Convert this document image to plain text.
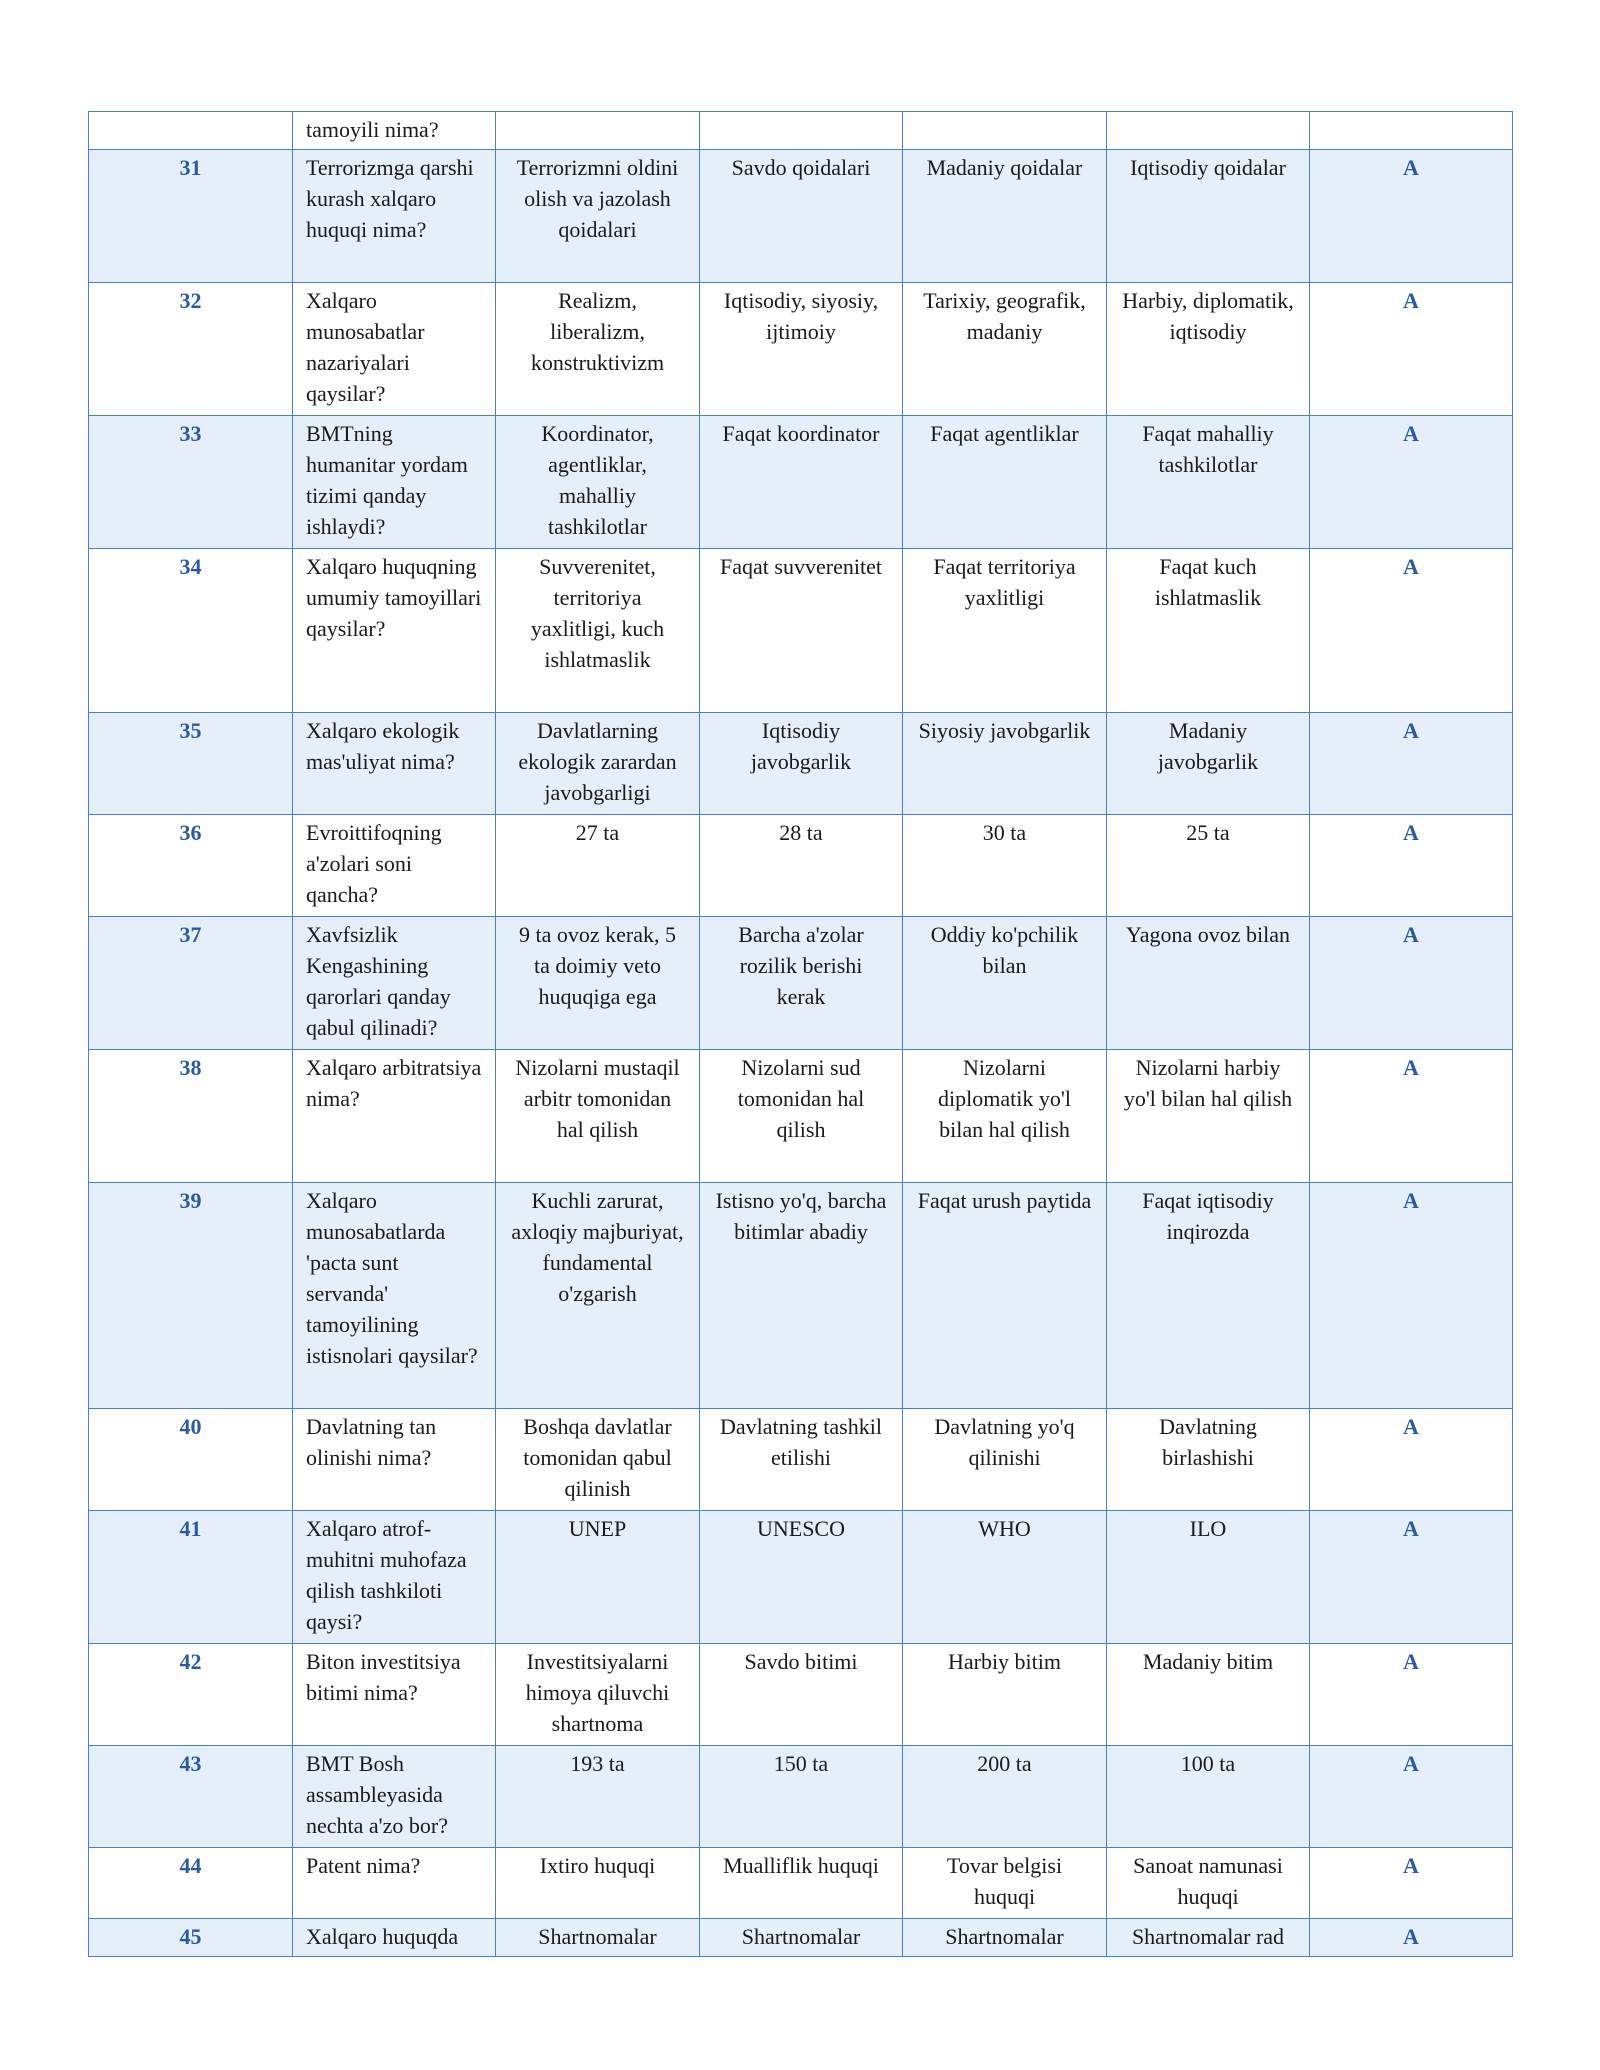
	tamoyili nima?					
31	Terrorizmga qarshi kurash xalqaro huquqi nima?	Terrorizmni oldini olish va jazolash qoidalari	Savdo qoidalari	Madaniy qoidalar	Iqtisodiy qoidalar	A
32	Xalqaro munosabatlar nazariyalari qaysilar?	Realizm, liberalizm, konstruktivizm	Iqtisodiy, siyosiy, ijtimoiy	Tarixiy, geografik, madaniy	Harbiy, diplomatik, iqtisodiy	A
33	BMTning humanitar yordam tizimi qanday ishlaydi?	Koordinator, agentliklar, mahalliy tashkilotlar	Faqat koordinator	Faqat agentliklar	Faqat mahalliy tashkilotlar	A
34	Xalqaro huquqning umumiy tamoyillari qaysilar?	Suvverenitet, territoriya yaxlitligi, kuch ishlatmaslik	Faqat suvverenitet	Faqat territoriya yaxlitligi	Faqat kuch ishlatmaslik	A
35	Xalqaro ekologik mas'uliyat nima?	Davlatlarning ekologik zarardan javobgarligi	Iqtisodiy javobgarlik	Siyosiy javobgarlik	Madaniy javobgarlik	A
36	Evroittifoqning a'zolari soni qancha?	27 ta	28 ta	30 ta	25 ta	A
37	Xavfsizlik Kengashining qarorlari qanday qabul qilinadi?	9 ta ovoz kerak, 5 ta doimiy veto huquqiga ega	Barcha a'zolar rozilik berishi kerak	Oddiy ko'pchilik bilan	Yagona ovoz bilan	A
38	Xalqaro arbitratsiya nima?	Nizolarni mustaqil arbitr tomonidan hal qilish	Nizolarni sud tomonidan hal qilish	Nizolarni diplomatik yo'l bilan hal qilish	Nizolarni harbiy yo'l bilan hal qilish	A
39	Xalqaro munosabatlarda 'pacta sunt servanda' tamoyilining istisnolari qaysilar?	Kuchli zarurat, axloqiy majburiyat, fundamental o'zgarish	Istisno yo'q, barcha bitimlar abadiy	Faqat urush paytida	Faqat iqtisodiy inqirozda	A
40	Davlatning tan olinishi nima?	Boshqa davlatlar tomonidan qabul qilinish	Davlatning tashkil etilishi	Davlatning yo'q qilinishi	Davlatning birlashishi	A
41	Xalqaro atrof-muhitni muhofaza qilish tashkiloti qaysi?	UNEP	UNESCO	WHO	ILO	A
42	Biton investitsiya bitimi nima?	Investitsiyalarni himoya qiluvchi shartnoma	Savdo bitimi	Harbiy bitim	Madaniy bitim	A
43	BMT Bosh assambleyasida nechta a'zo bor?	193 ta	150 ta	200 ta	100 ta	A
44	Patent nima?	Ixtiro huquqi	Mualliflik huquqi	Tovar belgisi huquqi	Sanoat namunasi huquqi	A
45	Xalqaro huquqda	Shartnomalar	Shartnomalar	Shartnomalar	Shartnomalar rad	A
